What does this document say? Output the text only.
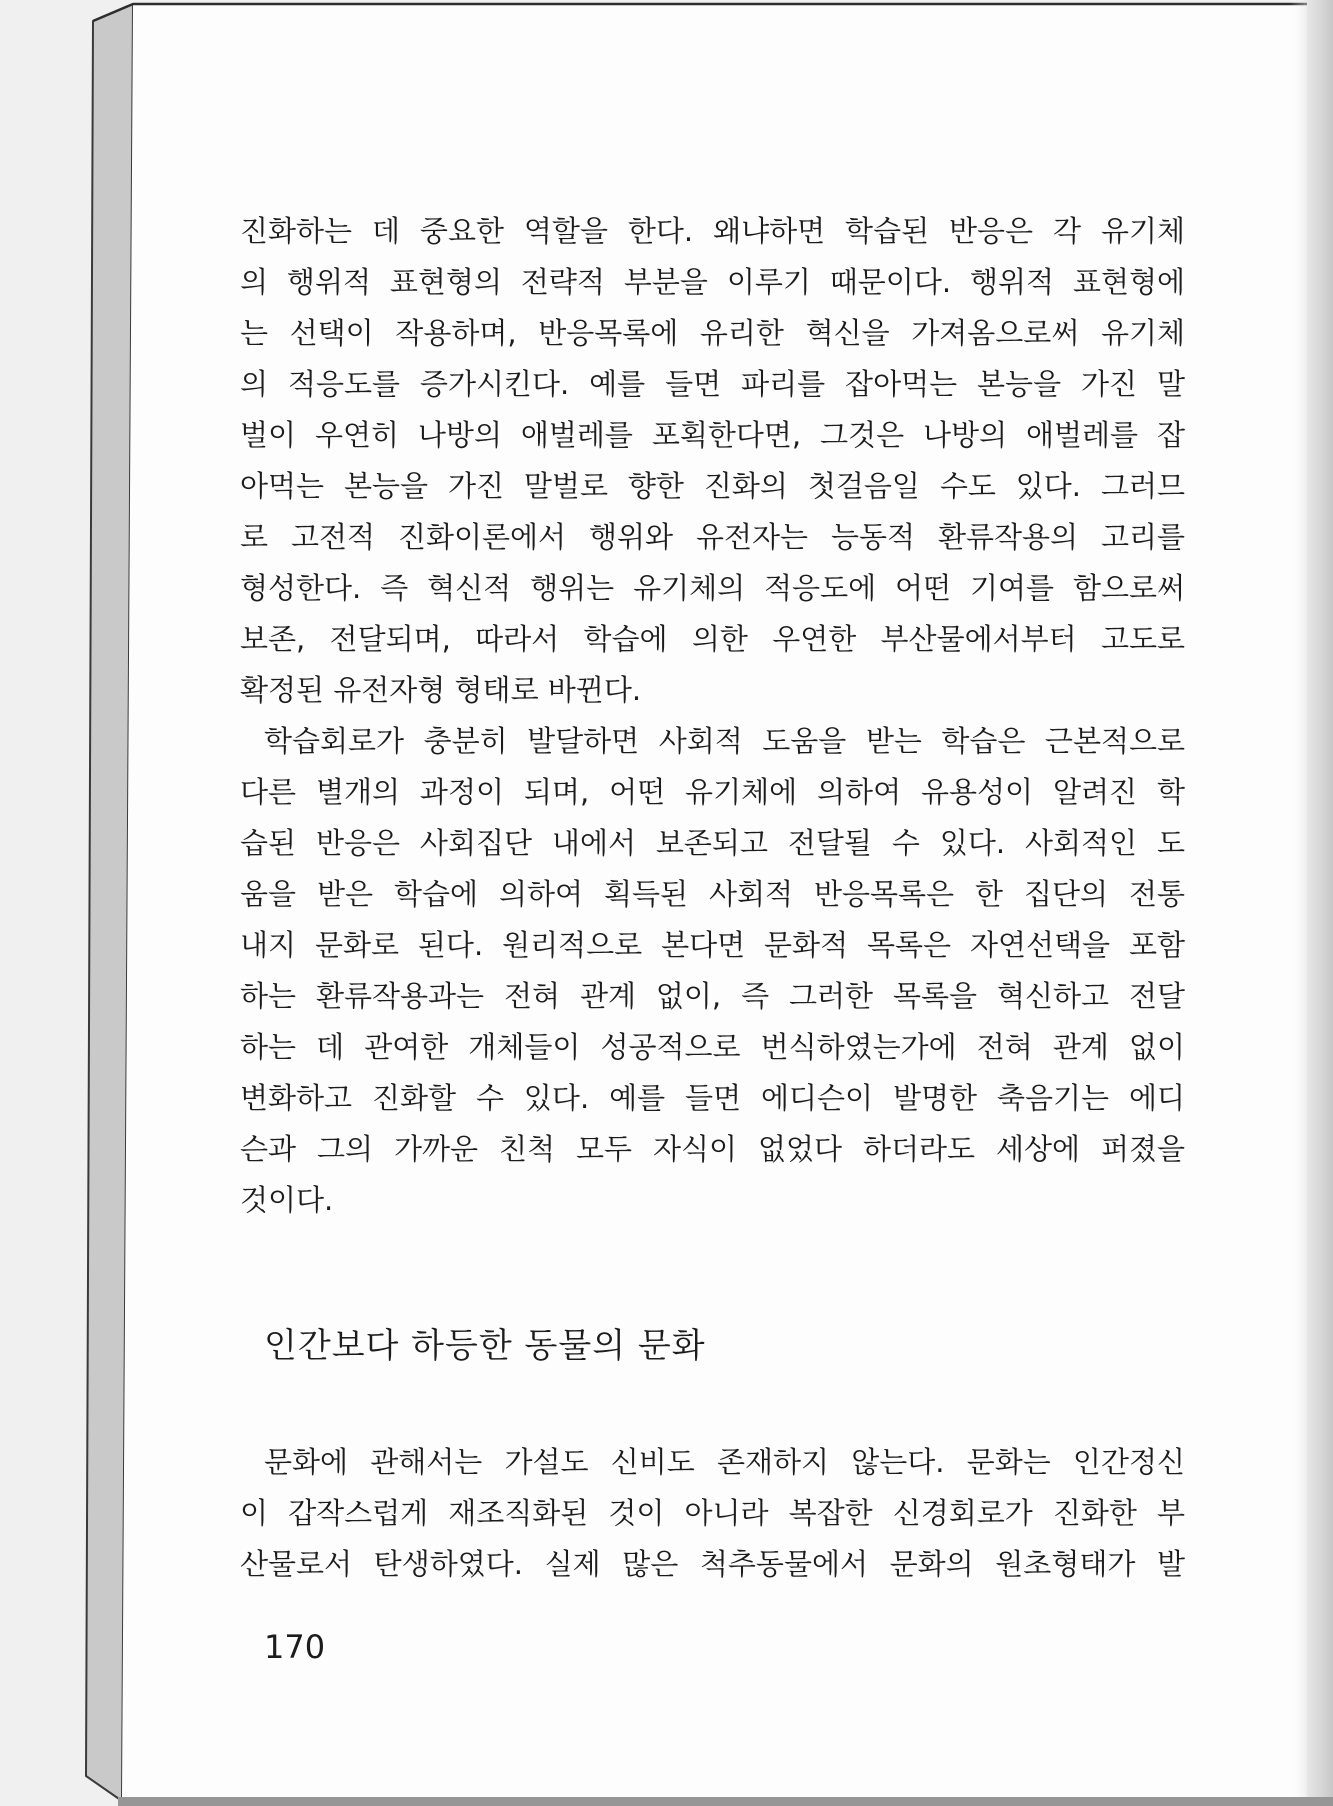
진화하는 데 중요한 역할을 한다. 왜냐하면 학습된 반응은 각 유기체
의 행위적 표현형의 전략적 부분을 이루기 때문이다. 행위적 표현형에
는 선택이 작용하며, 반응목록에 유리한 혁신을 가져옴으로써 유기체
의 적응도를 증가시킨다. 예를 들면 파리를 잡아먹는 본능을 가진 말
벌이 우연히 나방의 애벌레를 포획한다면, 그것은 나방의 애벌레를 잡
아먹는 본능을 가진 말벌로 향한 진화의 첫걸음일 수도 있다. 그러므
로 고전적 진화이론에서 행위와 유전자는 능동적 환류작용의 고리를
형성한다. 즉 혁신적 행위는 유기체의 적응도에 어떤 기여를 함으로써
보존, 전달되며, 따라서 학습에 의한 우연한 부산물에서부터 고도로
확정된 유전자형 형태로 바뀐다.
학습회로가 충분히 발달하면 사회적 도움을 받는 학습은 근본적으로
다른 별개의 과정이 되며, 어떤 유기체에 의하여 유용성이 알려진 학
습된 반응은 사회집단 내에서 보존되고 전달될 수 있다. 사회적인 도
움을 받은 학습에 의하여 획득된 사회적 반응목록은 한 집단의 전통
내지 문화로 된다. 원리적으로 본다면 문화적 목록은 자연선택을 포함
하는 환류작용과는 전혀 관계 없이, 즉 그러한 목록을 혁신하고 전달
하는 데 관여한 개체들이 성공적으로 번식하였는가에 전혀 관계 없이
변화하고 진화할 수 있다. 예를 들면 에디슨이 발명한 축음기는 에디
슨과 그의 가까운 친척 모두 자식이 없었다 하더라도 세상에 퍼졌을
것이다.
인간보다 하등한 동물의 문화
문화에 관해서는 가설도 신비도 존재하지 않는다. 문화는 인간정신
이 갑작스럽게 재조직화된 것이 아니라 복잡한 신경회로가 진화한 부
산물로서 탄생하였다. 실제 많은 척추동물에서 문화의 원초형태가 발
170
